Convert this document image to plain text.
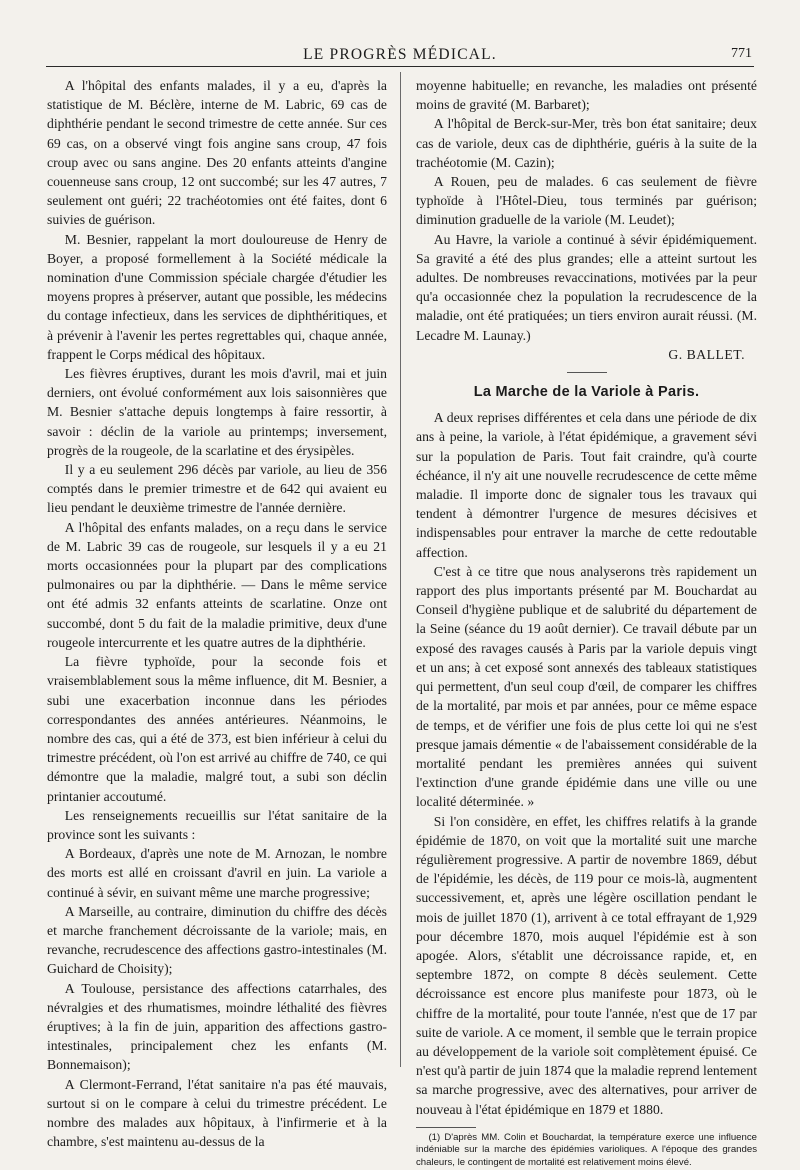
LE PROGRÈS MÉDICAL.	771

A l'hôpital des enfants malades, il y a eu, d'après la statistique de M. Béclère, interne de M. Labric, 69 cas de diphthérie pendant le second trimestre de cette année. Sur ces 69 cas, on a observé vingt fois angine sans croup, 47 fois croup avec ou sans angine. Des 20 enfants atteints d'angine couenneuse sans croup, 12 ont succombé; sur les 47 autres, 7 seulement ont guéri; 22 trachéotomies ont été faites, dont 6 suivies de guérison.

M. Besnier, rappelant la mort douloureuse de Henry de Boyer, a proposé formellement à la Société médicale la nomination d'une Commission spéciale chargée d'étudier les moyens propres à préserver, autant que possible, les médecins du contage infectieux, dans les services de diphthéritiques, et à prévenir à l'avenir les pertes regrettables qui, chaque année, frappent le Corps médical des hôpitaux.

Les fièvres éruptives, durant les mois d'avril, mai et juin derniers, ont évolué conformément aux lois saisonnières que M. Besnier s'attache depuis longtemps à faire ressortir, à savoir : déclin de la variole au printemps; inversement, progrès de la rougeole, de la scarlatine et des érysipèles.

Il y a eu seulement 296 décès par variole, au lieu de 356 comptés dans le premier trimestre et de 642 qui avaient eu lieu pendant le deuxième trimestre de l'année dernière.

A l'hôpital des enfants malades, on a reçu dans le service de M. Labric 39 cas de rougeole, sur lesquels il y a eu 21 morts occasionnées pour la plupart par des complications pulmonaires ou par la diphthérie. — Dans le même service ont été admis 32 enfants atteints de scarlatine. Onze ont succombé, dont 5 du fait de la maladie primitive, deux d'une rougeole intercurrente et les quatre autres de la diphthérie.

La fièvre typhoïde, pour la seconde fois et vraisemblablement sous la même influence, dit M. Besnier, a subi une exacerbation inconnue dans les périodes correspondantes des années antérieures. Néanmoins, le nombre des cas, qui a été de 373, est bien inférieur à celui du trimestre précédent, où l'on est arrivé au chiffre de 740, ce qui démontre que la maladie, malgré tout, a subi son déclin printanier accoutumé.

Les renseignements recueillis sur l'état sanitaire de la province sont les suivants :

A Bordeaux, d'après une note de M. Arnozan, le nombre des morts est allé en croissant d'avril en juin. La variole a continué à sévir, en suivant même une marche progressive;

A Marseille, au contraire, diminution du chiffre des décès et marche franchement décroissante de la variole; mais, en revanche, recrudescence des affections gastro-intestinales (M. Guichard de Choisity);

A Toulouse, persistance des affections catarrhales, des névralgies et des rhumatismes, moindre léthalité des fièvres éruptives; à la fin de juin, apparition des affections gastro-intestinales, principalement chez les enfants (M. Bonnemaison);

A Clermont-Ferrand, l'état sanitaire n'a pas été mauvais, surtout si on le compare à celui du trimestre précédent. Le nombre des malades aux hôpitaux, à l'infirmerie et à la chambre, s'est maintenu au-dessus de la

moyenne habituelle; en revanche, les maladies ont présenté moins de gravité (M. Barbaret);

A l'hôpital de Berck-sur-Mer, très bon état sanitaire; deux cas de variole, deux cas de diphthérie, guéris à la suite de la trachéotomie (M. Cazin);

A Rouen, peu de malades. 6 cas seulement de fièvre typhoïde à l'Hôtel-Dieu, tous terminés par guérison; diminution graduelle de la variole (M. Leudet);

Au Havre, la variole a continué à sévir épidémiquement. Sa gravité a été des plus grandes; elle a atteint surtout les adultes. De nombreuses revaccinations, motivées par la peur qu'a occasionnée chez la population la recrudescence de la maladie, ont été pratiquées; un tiers environ aurait réussi. (M. Lecadre M. Launay.)

G. BALLET.

La Marche de la Variole à Paris.

A deux reprises différentes et cela dans une période de dix ans à peine, la variole, à l'état épidémique, a gravement sévi sur la population de Paris. Tout fait craindre, qu'à courte échéance, il n'y ait une nouvelle recrudescence de cette même maladie. Il importe donc de signaler tous les travaux qui tendent à démontrer l'urgence de mesures décisives et indispensables pour entraver la marche de cette redoutable affection.

C'est à ce titre que nous analyserons très rapidement un rapport des plus importants présenté par M. Bouchardat au Conseil d'hygiène publique et de salubrité du département de la Seine (séance du 19 août dernier). Ce travail débute par un exposé des ravages causés à Paris par la variole depuis vingt et un ans; à cet exposé sont annexés des tableaux statistiques qui permettent, d'un seul coup d'œil, de comparer les chiffres de la mortalité, par mois et par années, pour ce même espace de temps, et de vérifier une fois de plus cette loi qui ne s'est presque jamais démentie « de l'abaissement considérable de la mortalité pendant les premières années qui suivent l'extinction d'une grande épidémie dans une ville ou une localité déterminée. »

Si l'on considère, en effet, les chiffres relatifs à la grande épidémie de 1870, on voit que la mortalité suit une marche régulièrement progressive. A partir de novembre 1869, début de l'épidémie, les décès, de 119 pour ce mois-là, augmentent successivement, et, après une légère oscillation pendant le mois de juillet 1870 (1), arrivent à ce total effrayant de 1,929 pour décembre 1870, mois auquel l'épidémie est à son apogée. Alors, s'établit une décroissance rapide, et, en septembre 1872, on compte 8 décès seulement. Cette décroissance est encore plus manifeste pour 1873, où le chiffre de la mortalité, pour toute l'année, n'est que de 17 par suite de variole. A ce moment, il semble que le terrain propice au développement de la variole soit complètement épuisé. Ce n'est qu'à partir de juin 1874 que la maladie reprend lentement sa marche progressive, avec des alternatives, pour arriver de nouveau à l'état épidémique en 1879 et 1880.

(1) D'après MM. Colin et Bouchardat, la température exerce une influence indéniable sur la marche des épidémies varioliques. A l'époque des grandes chaleurs, le contingent de mortalité est relativement moins élevé.
